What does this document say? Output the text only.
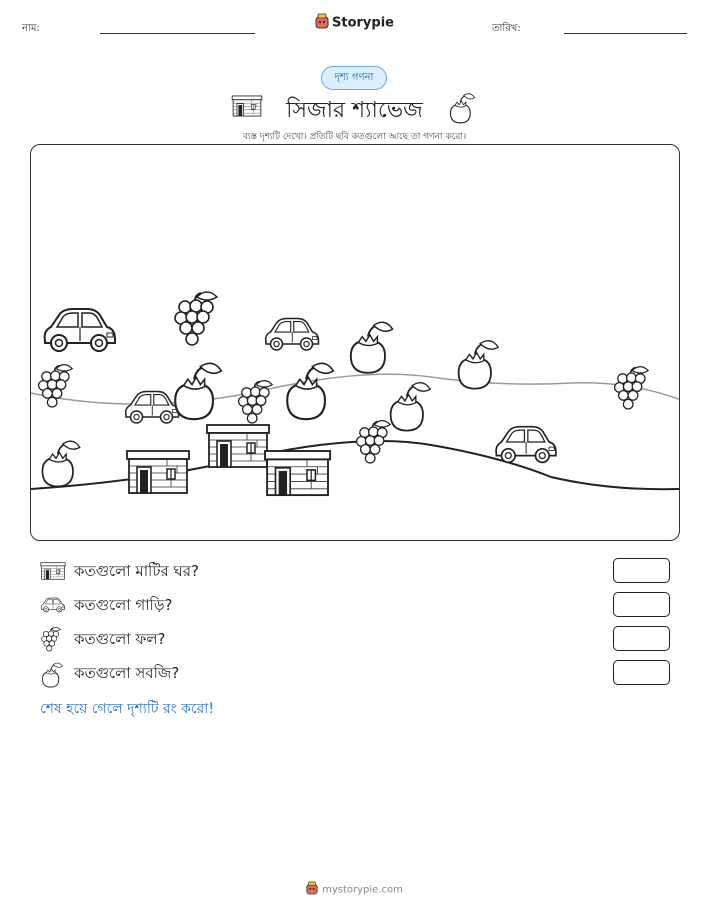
নাম:	Storypie	তারিখ:
দৃশ্য গণনা
সিজার শ্যাভেজ
ব্যস্ত দৃশ্যটি দেখো। প্রতিটি ছবি কতগুলো আছে তা গণনা করো।
কতগুলো মাটির ঘর?
কতগুলো গাড়ি?
কতগুলো ফল?
কতগুলো সবজি?
শেষ হয়ে গেলে দৃশ্যটি রং করো!
mystorypie.com
